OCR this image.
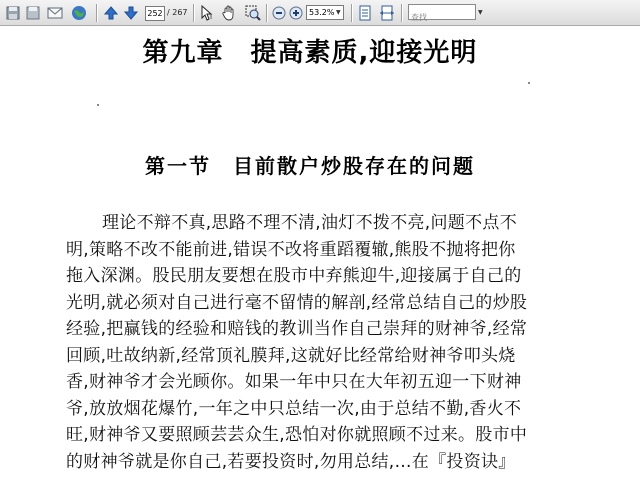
252
/ 267	I
53.2%
▼
查找	▼
第九章　提高素质,迎接光明
第一节　目前散户炒股存在的问题
理论不辩不真,思路不理不清,油灯不拨不亮,问题不点不
明,策略不改不能前进,错误不改将重蹈覆辙,熊股不抛将把你
拖入深渊。股民朋友要想在股市中弃熊迎牛,迎接属于自己的
光明,就必须对自己进行毫不留情的解剖,经常总结自己的炒股
经验,把赢钱的经验和赔钱的教训当作自己崇拜的财神爷,经常
回顾,吐故纳新,经常顶礼膜拜,这就好比经常给财神爷叩头烧
香,财神爷才会光顾你。如果一年中只在大年初五迎一下财神
爷,放放烟花爆竹,一年之中只总结一次,由于总结不勤,香火不
旺,财神爷又要照顾芸芸众生,恐怕对你就照顾不过来。股市中
的财神爷就是你自己,若要投资时,勿用总结,…在『投资诀』
